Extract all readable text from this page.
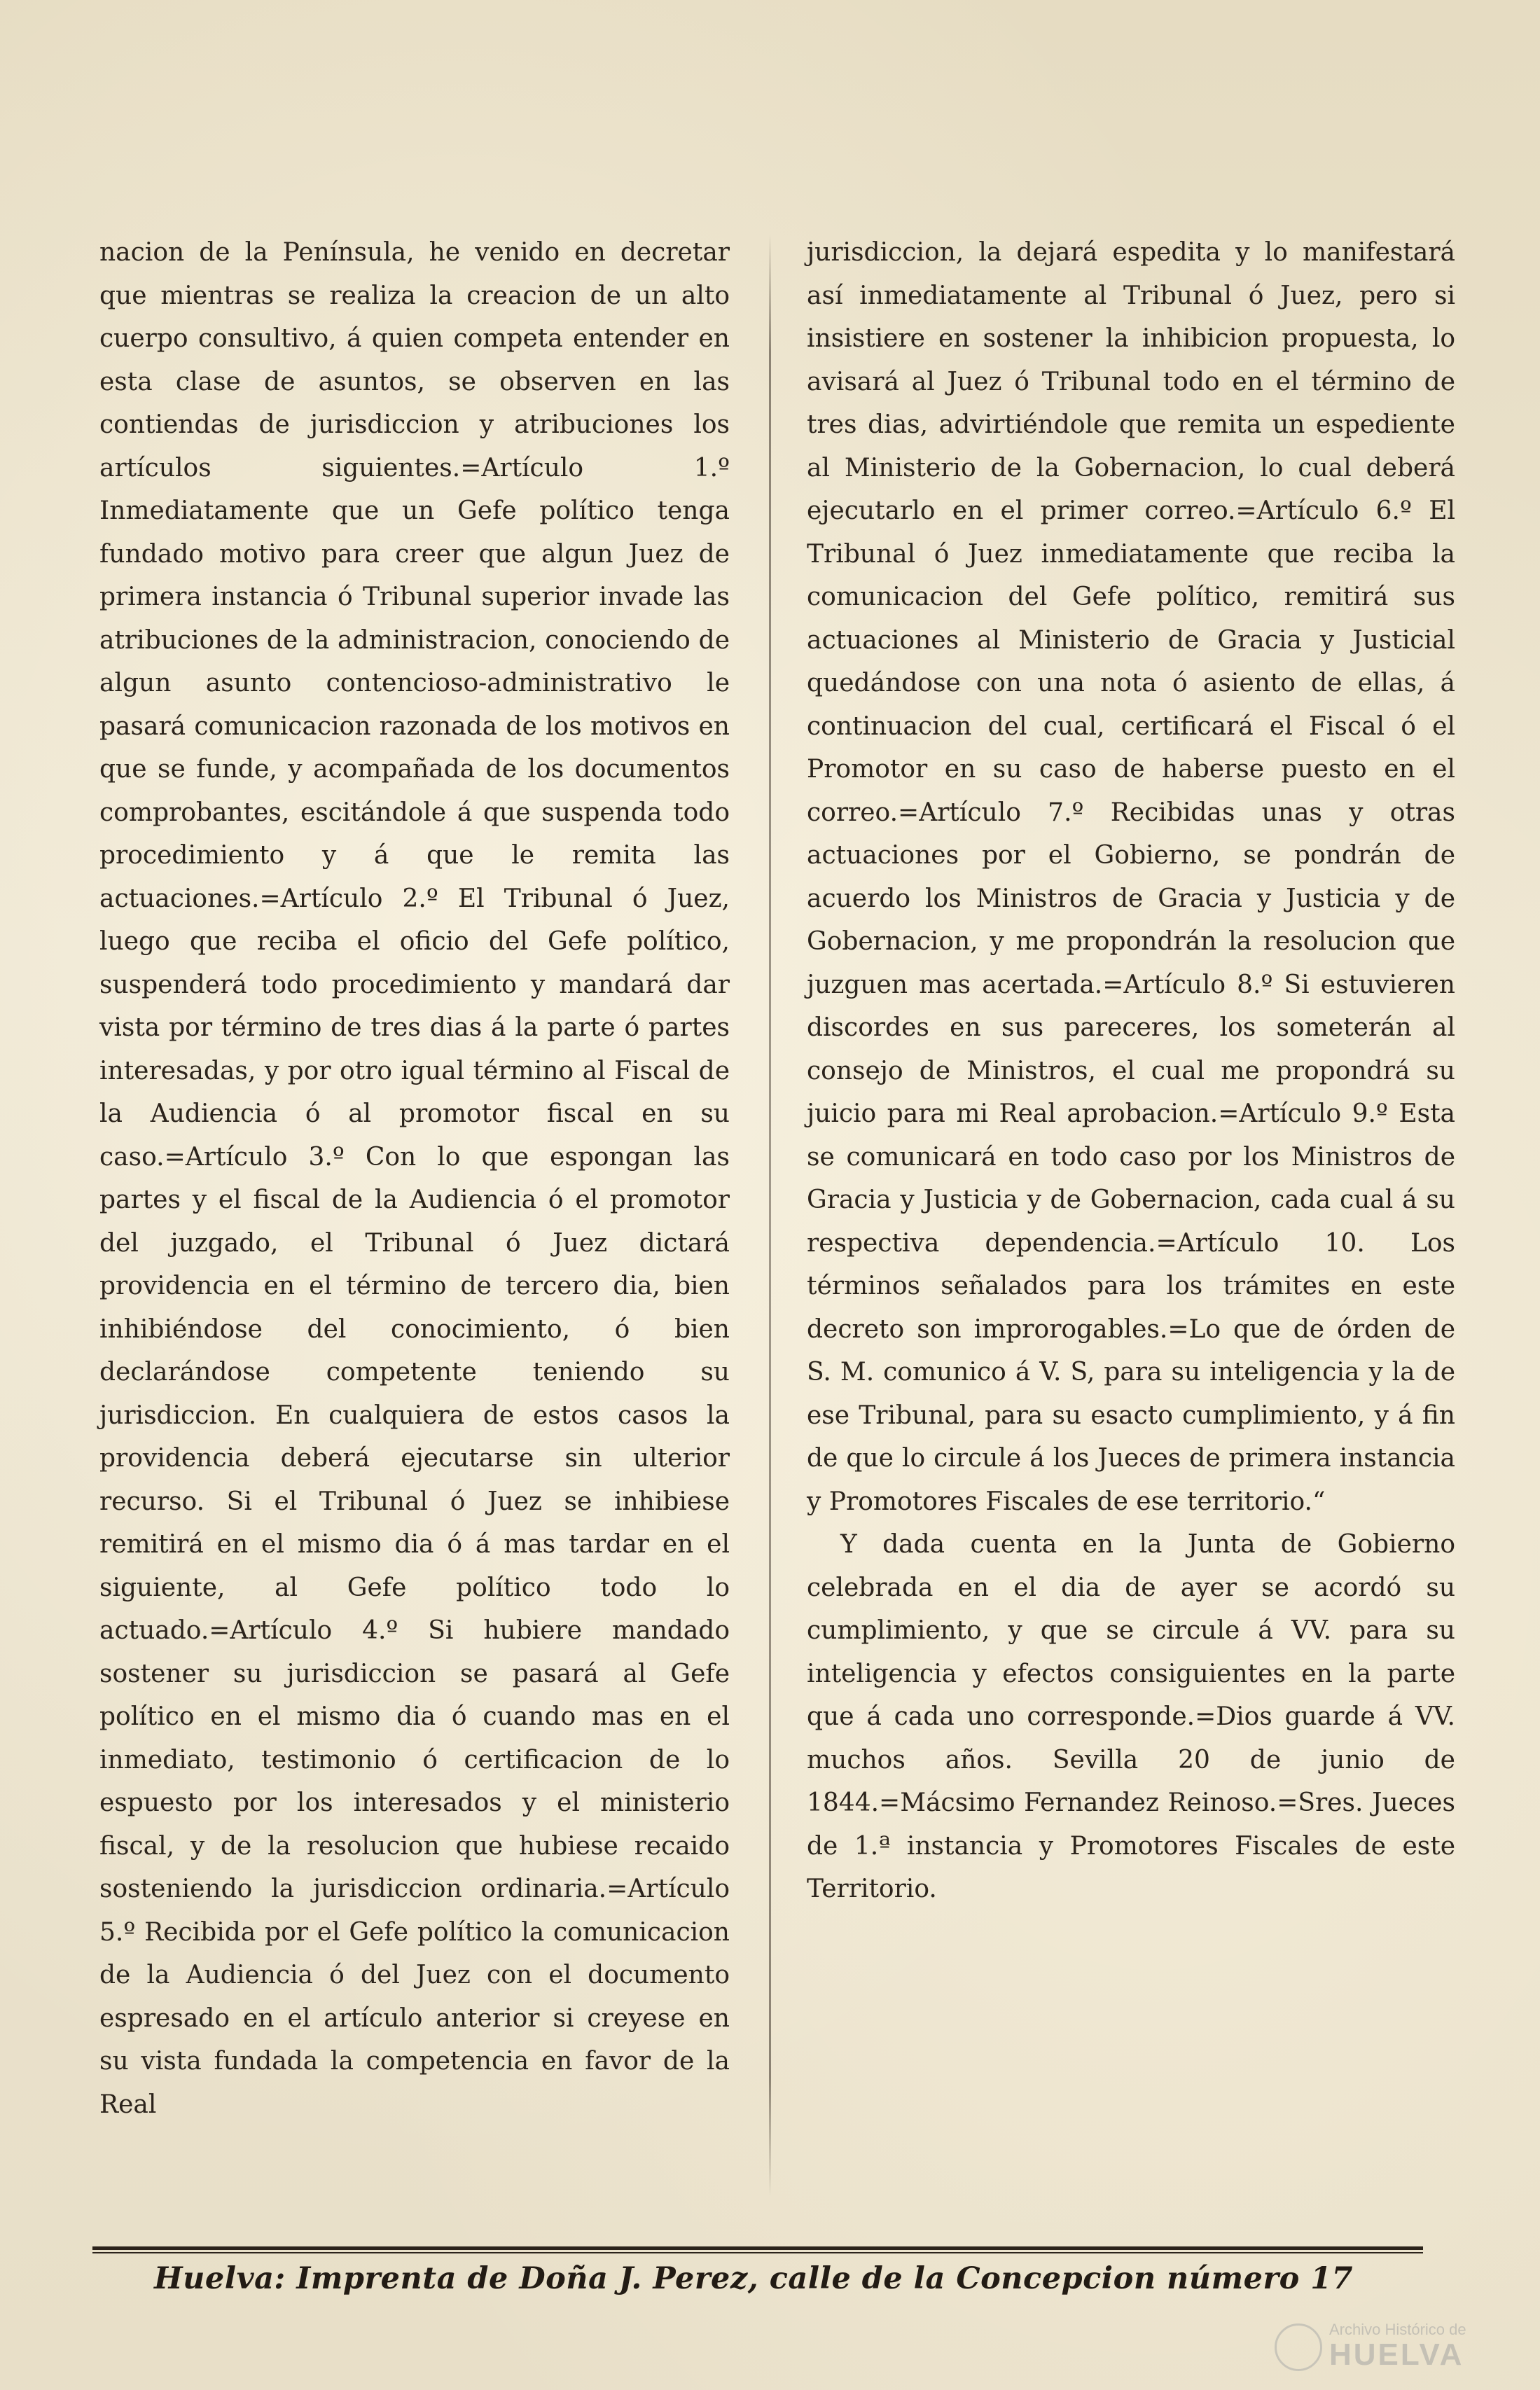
nacion de la Península, he venido en decretar que mientras se realiza la creacion de un alto cuerpo consultivo, á quien competa entender en esta clase de asuntos, se observen en las contiendas de jurisdiccion y atribuciones los artículos siguientes.=Artículo 1.º Inmediatamente que un Gefe político tenga fundado motivo para creer que algun Juez de primera instancia ó Tribunal superior invade las atribuciones de la administracion, conociendo de algun asunto contencioso-administrativo le pasará comunicacion razonada de los motivos en que se funde, y acompañada de los documentos comprobantes, escitándole á que suspenda todo procedimiento y á que le remita las actuaciones.=Artículo 2.º El Tribunal ó Juez, luego que reciba el oficio del Gefe político, suspenderá todo procedimiento y mandará dar vista por término de tres dias á la parte ó partes interesadas, y por otro igual término al Fiscal de la Audiencia ó al promotor fiscal en su caso.=Artículo 3.º Con lo que espongan las partes y el fiscal de la Audiencia ó el promotor del juzgado, el Tribunal ó Juez dictará providencia en el término de tercero dia, bien inhibiéndose del conocimiento, ó bien declarándose competente teniendo su jurisdiccion. En cualquiera de estos casos la providencia deberá ejecutarse sin ulterior recurso. Si el Tribunal ó Juez se inhibiese remitirá en el mismo dia ó á mas tardar en el siguiente, al Gefe político todo lo actuado.=Artículo 4.º Si hubiere mandado sostener su jurisdiccion se pasará al Gefe político en el mismo dia ó cuando mas en el inmediato, testimonio ó certificacion de lo espuesto por los interesados y el ministerio fiscal, y de la resolucion que hubiese recaido sosteniendo la jurisdiccion ordinaria.=Artículo 5.º Recibida por el Gefe político la comunicacion de la Audiencia ó del Juez con el documento espresado en el artículo anterior si creyese en su vista fundada la competencia en favor de la Real

jurisdiccion, la dejará espedita y lo manifestará así inmediatamente al Tribunal ó Juez, pero si insistiere en sostener la inhibicion propuesta, lo avisará al Juez ó Tribunal todo en el término de tres dias, advirtiéndole que remita un espediente al Ministerio de la Gobernacion, lo cual deberá ejecutarlo en el primer correo.=Artículo 6.º El Tribunal ó Juez inmediatamente que reciba la comunicacion del Gefe político, remitirá sus actuaciones al Ministerio de Gracia y Justicial quedándose con una nota ó asiento de ellas, á continuacion del cual, certificará el Fiscal ó el Promotor en su caso de haberse puesto en el correo.=Artículo 7.º Recibidas unas y otras actuaciones por el Gobierno, se pondrán de acuerdo los Ministros de Gracia y Justicia y de Gobernacion, y me propondrán la resolucion que juzguen mas acertada.=Artículo 8.º Si estuvieren discordes en sus pareceres, los someterán al consejo de Ministros, el cual me propondrá su juicio para mi Real aprobacion.=Artículo 9.º Esta se comunicará en todo caso por los Ministros de Gracia y Justicia y de Gobernacion, cada cual á su respectiva dependencia.=Artículo 10. Los términos señalados para los trámites en este decreto son improrogables.=Lo que de órden de S. M. comunico á V. S, para su inteligencia y la de ese Tribunal, para su esacto cumplimiento, y á fin de que lo circule á los Jueces de primera instancia y Promotores Fiscales de ese territorio.“

Y dada cuenta en la Junta de Gobierno celebrada en el dia de ayer se acordó su cumplimiento, y que se circule á VV. para su inteligencia y efectos consiguientes en la parte que á cada uno corresponde.=Dios guarde á VV. muchos años. Sevilla 20 de junio de 1844.=Mácsimo Fernandez Reinoso.=Sres. Jueces de 1.ª instancia y Promotores Fiscales de este Territorio.

Huelva: Imprenta de Doña J. Perez, calle de la Concepcion número 17
Archivo Histórico de
HUELVA
